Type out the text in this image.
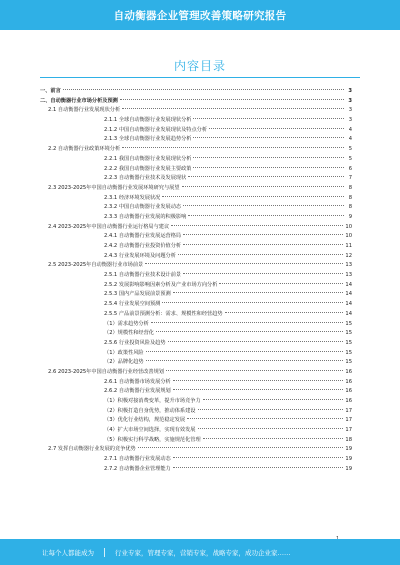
自动衡器企业管理改善策略研究报告
内容目录
一、前言	3
二、自动衡器行业市场分析及预测	3
2.1 自动衡器行业发展现状分析	3
2.1.1 全球自动衡器行业发展现状分析	3
2.1.2 中国自动衡器行业发展现状及特点分析	4
2.1.3 全球自动衡器行业发展趋势分析	4
2.2 自动衡器行业政策环境分析	5
2.2.1 我国自动衡器行业发展现状分析	5
2.2.2 我国自动衡器行业发展主要政策	6
2.2.3 自动衡器行业技术及发展现状	7
2.3 2023-2025年中国自动衡器行业发展环境研究与展望	8
2.3.1 经济环境发展状况	8
2.3.2 中国自动衡器行业发展动态	8
2.3.3 自动衡器行业发展的积极影响	9
2.4 2023-2025年中国自动衡器行业运行格局与建议	10
2.4.1 自动衡器行业发展运营格局	10
2.4.2 自动衡器行业投资价值分析	11
2.4.3 行业发展环境及问题分析	12
2.5 2023-2025年自动衡器行业市场前景	13
2.5.1 自动衡器行业技术设计前景	13
2.5.2 发展影响影响因素分析及产业市场方向分析	14
2.5.3 国内产品发展前景预测	14
2.5.4 行业发展空间预测	14
2.5.5 产品前景预测分析：需求、规模性和经营趋势	14
（1）需求趋势分析	15
（2）规模性和经营化	15
2.5.6 行业投资风险及趋势	15
（1）政策性风险	15
（2）品牌化趋势	15
2.6 2023-2025年中国自动衡器行业经营改善规划	16
2.6.1 自动衡器市场发展分析	16
2.6.2 自动衡器行业发展规划	16
（1）积极对接消费变革，提升市场竞争力	16
（2）积极打造自身优势，推动体系建设	17
（3）优化行业结构，规范稳定发展	17
（4）扩大市场空间选择，实现有效发展	17
（5）积极实行科学战略，实施规范化管理	18
2.7 发挥自动衡器行业发展的竞争优势	19
2.7.1 自动衡器行业发展动态	19
2.7.2 自动衡器企业管理能力	19
让每个人都能成为	行业专家，管理专家，营销专家，战略专家，成功企业家……
